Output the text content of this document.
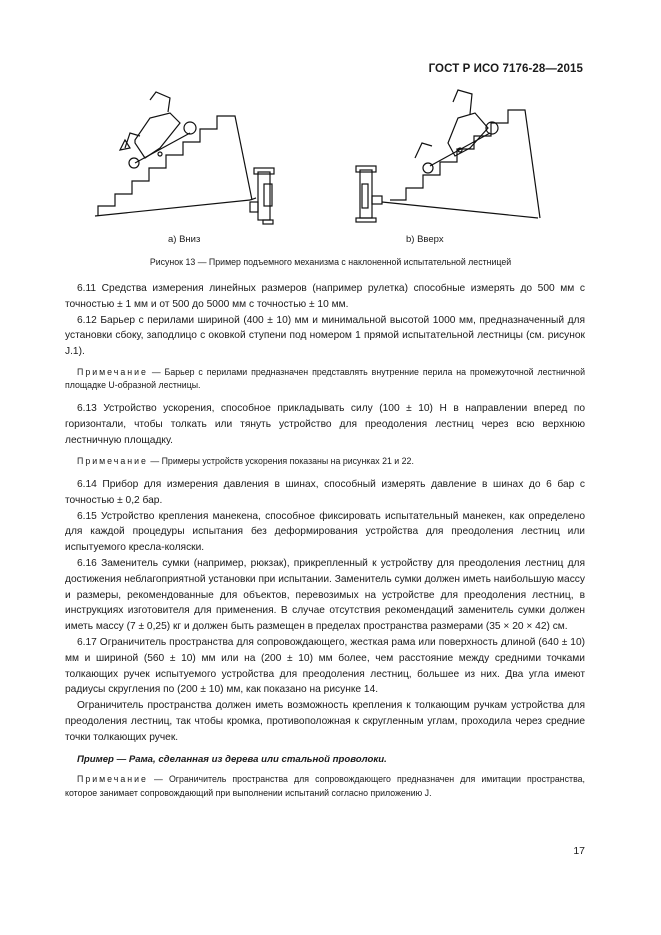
ГОСТ Р ИСО 7176-28—2015
a) Вниз	b) Вверх
Рисунок 13 — Пример подъемного механизма с наклоненной испытательной лестницей

6.11 Средства измерения линейных размеров (например рулетка) способные измерять до 500 мм с точностью ± 1 мм и от 500 до 5000 мм с точностью ± 10 мм.

6.12 Барьер с перилами шириной (400 ± 10) мм и минимальной высотой 1000 мм, предназначенный для установки сбоку, заподлицо с оковкой ступени под номером 1 прямой испытательной лестницы (см. рисунок J.1).

Примечание — Барьер с перилами предназначен представлять внутренние перила на промежуточной лестничной площадке U-образной лестницы.

6.13 Устройство ускорения, способное прикладывать силу (100 ± 10) Н в направлении вперед по горизонтали, чтобы толкать или тянуть устройство для преодоления лестниц через всю верхнюю лестничную площадку.

Примечание — Примеры устройств ускорения показаны на рисунках 21 и 22.

6.14 Прибор для измерения давления в шинах, способный измерять давление в шинах до 6 бар с точностью ± 0,2 бар.

6.15 Устройство крепления манекена, способное фиксировать испытательный манекен, как определено для каждой процедуры испытания без деформирования устройства для преодоления лестниц или испытуемого кресла-коляски.

6.16 Заменитель сумки (например, рюкзак), прикрепленный к устройству для преодоления лестниц для достижения неблагоприятной установки при испытании. Заменитель сумки должен иметь наибольшую массу и размеры, рекомендованные для объектов, перевозимых на устройстве для преодоления лестниц, в инструкциях изготовителя для применения. В случае отсутствия рекомендаций заменитель сумки должен иметь массу (7 ± 0,25) кг и должен быть размещен в пределах пространства размерами (35 × 20 × 42) см.

6.17 Ограничитель пространства для сопровождающего, жесткая рама или поверхность длиной (640 ± 10) мм и шириной (560 ± 10) мм или на (200 ± 10) мм более, чем расстояние между средними точками толкающих ручек испытуемого устройства для преодоления лестниц, большее из них. Два угла имеют радиусы скругления по (200 ± 10) мм, как показано на рисунке 14.

Ограничитель пространства должен иметь возможность крепления к толкающим ручкам устройства для преодоления лестниц, так чтобы кромка, противоположная к скругленным углам, проходила через средние точки толкающих ручек.

Пример — Рама, сделанная из дерева или стальной проволоки.
Примечание — Ограничитель пространства для сопровождающего предназначен для имитации пространства, которое занимает сопровождающий при выполнении испытаний согласно приложению J.
17
